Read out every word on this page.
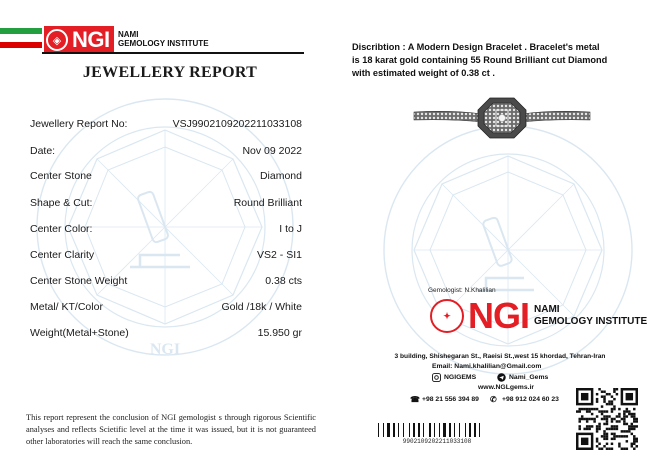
NGI
◈ NGI NAMI
GEMOLOGY INSTITUTE
JEWELLERY REPORT
Jewellery Report No:	VSJ9902109202211033108
Date:	Nov 09 2022
Center Stone	Diamond
Shape & Cut:	Round Brilliant
Center Color:	I to J
Center Clarity	VS2 - SI1
Center Stone Weight	0.38 cts
Metal/ KT/Color	Gold /18k / White
Weight(Metal+Stone)	15.950 gr
This report represent the conclusion of NGI gemologist s through rigorous Scientific analyses and reflects Scietific level at the time it was issued, but it is not guaranteed other laboratories will reach the same conclusion.
Discribtion : A Modern Design Bracelet . Bracelet's metal
is 18 karat gold containing 55 Round Brilliant cut Diamond
with estimated weight of 0.38 ct .
Gemologist: N.Khalilian
✦ NGI NAMI
GEMOLOGY INSTITUTE
3 building, Shishegaran St., Raeisi St.,west 15 khordad, Tehran-Iran
Email: Nami.khalilian@Gmail.com
NGIGEMS	Nami_Gems
www.NGLgems.ir
☎ +98 21 556 394 89 ✆ +98 912 024 60 23
9902109202211033108
